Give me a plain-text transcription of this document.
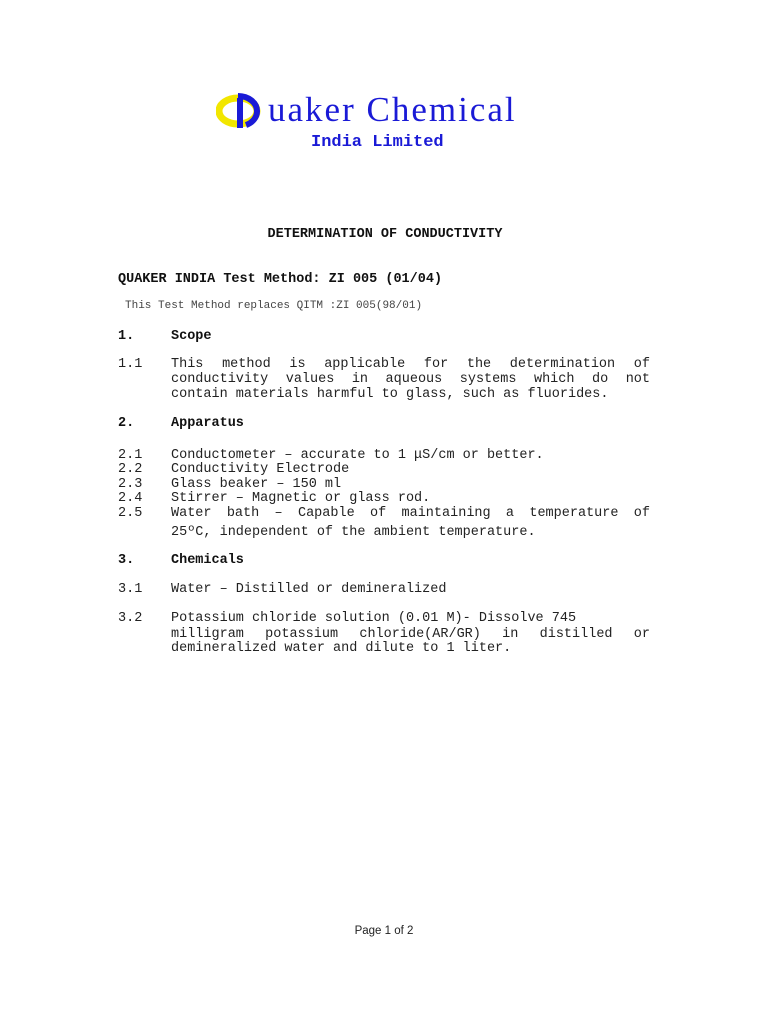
uaker Chemical
India Limited
DETERMINATION OF CONDUCTIVITY
QUAKER INDIA Test Method: ZI 005 (01/04)
This Test Method replaces QITM :ZI 005(98/01)
1.	Scope
1.1 This method is applicable for the determination of
conductivity values in aqueous systems which do not
contain materials harmful to glass, such as fluorides.
2.	Apparatus
2.1 Conductometer – accurate to 1 μS/cm or better.
2.2 Conductivity Electrode
2.3 Glass beaker – 150 ml
2.4 Stirrer – Magnetic or glass rod.
2.5 Water bath – Capable of maintaining a temperature of
25ºC, independent of the ambient temperature.
3.	Chemicals
3.1 Water – Distilled or demineralized
3.2 Potassium chloride solution (0.01 M)- Dissolve 745
milligram potassium chloride(AR/GR) in distilled or
demineralized water and dilute to 1 liter.
Page 1 of 2
